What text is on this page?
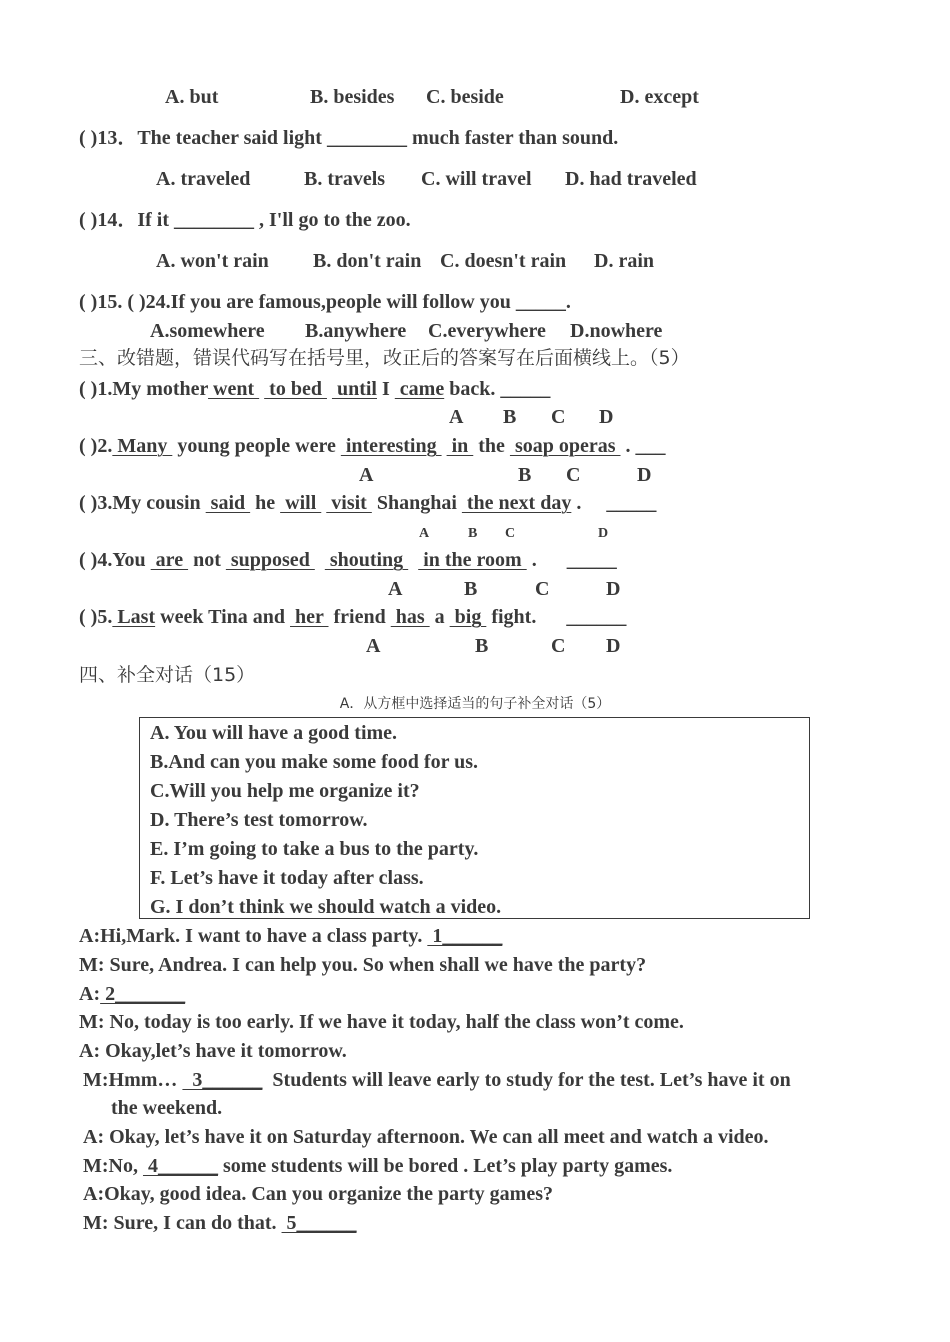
A. but	B. besides C. beside	D. except
( )13．The teacher said light ________ much faster than sound.
A. traveled	B. travels C. will travel D. had traveled
( )14．If it ________ , I'll go to the zoo.
A. won't rain B. don't rain C. doesn't rain D. rain
( )15. ( )24.If you are famous,people will follow you _____.
A.somewhere B.anywhere C.everywhere D.nowhere
三、改错题，错误代码写在括号里，改正后的答案写在后面横线上。（5）
( )1.My mother went   to bed   until I  came back. _____
A B C D
( )2. Many  young people were  interesting   in  the  soap operas  . ___
A	B C	D
( )3.My cousin  said  he  will   visit  Shanghai  the next day .     _____
A	B C	D
( )4.You  are  not  supposed    shouting    in the room  .      _____
A	B	C	D
( )5. Last week Tina and  her  friend  has  a  big  fight.      ______
A	B	C D
四、补全对话（15）
A．从方框中选择适当的句子补全对话（5）
A. You will have a good time.
B.And can you make some food for us.
C.Will you help me organize it?
D. There’s test tomorrow.
E. I’m going to take a bus to the party.
F. Let’s have it today after class.
G. I don’t think we should watch a video.
A:Hi,Mark. I want to have a class party.  1______
M: Sure, Andrea. I can help you. So when shall we have the party?
A: 2_______
M: No, today is too early. If we have it today, half the class won’t come.
A: Okay,let’s have it tomorrow.
M:Hmm…   3______  Students will leave early to study for the test. Let’s have it on
the weekend.
A: Okay, let’s have it on Saturday afternoon. We can all meet and watch a video.
M:No,  4______ some students will be bored . Let’s play party games.
A:Okay, good idea. Can you organize the party games?
M: Sure, I can do that.  5______
